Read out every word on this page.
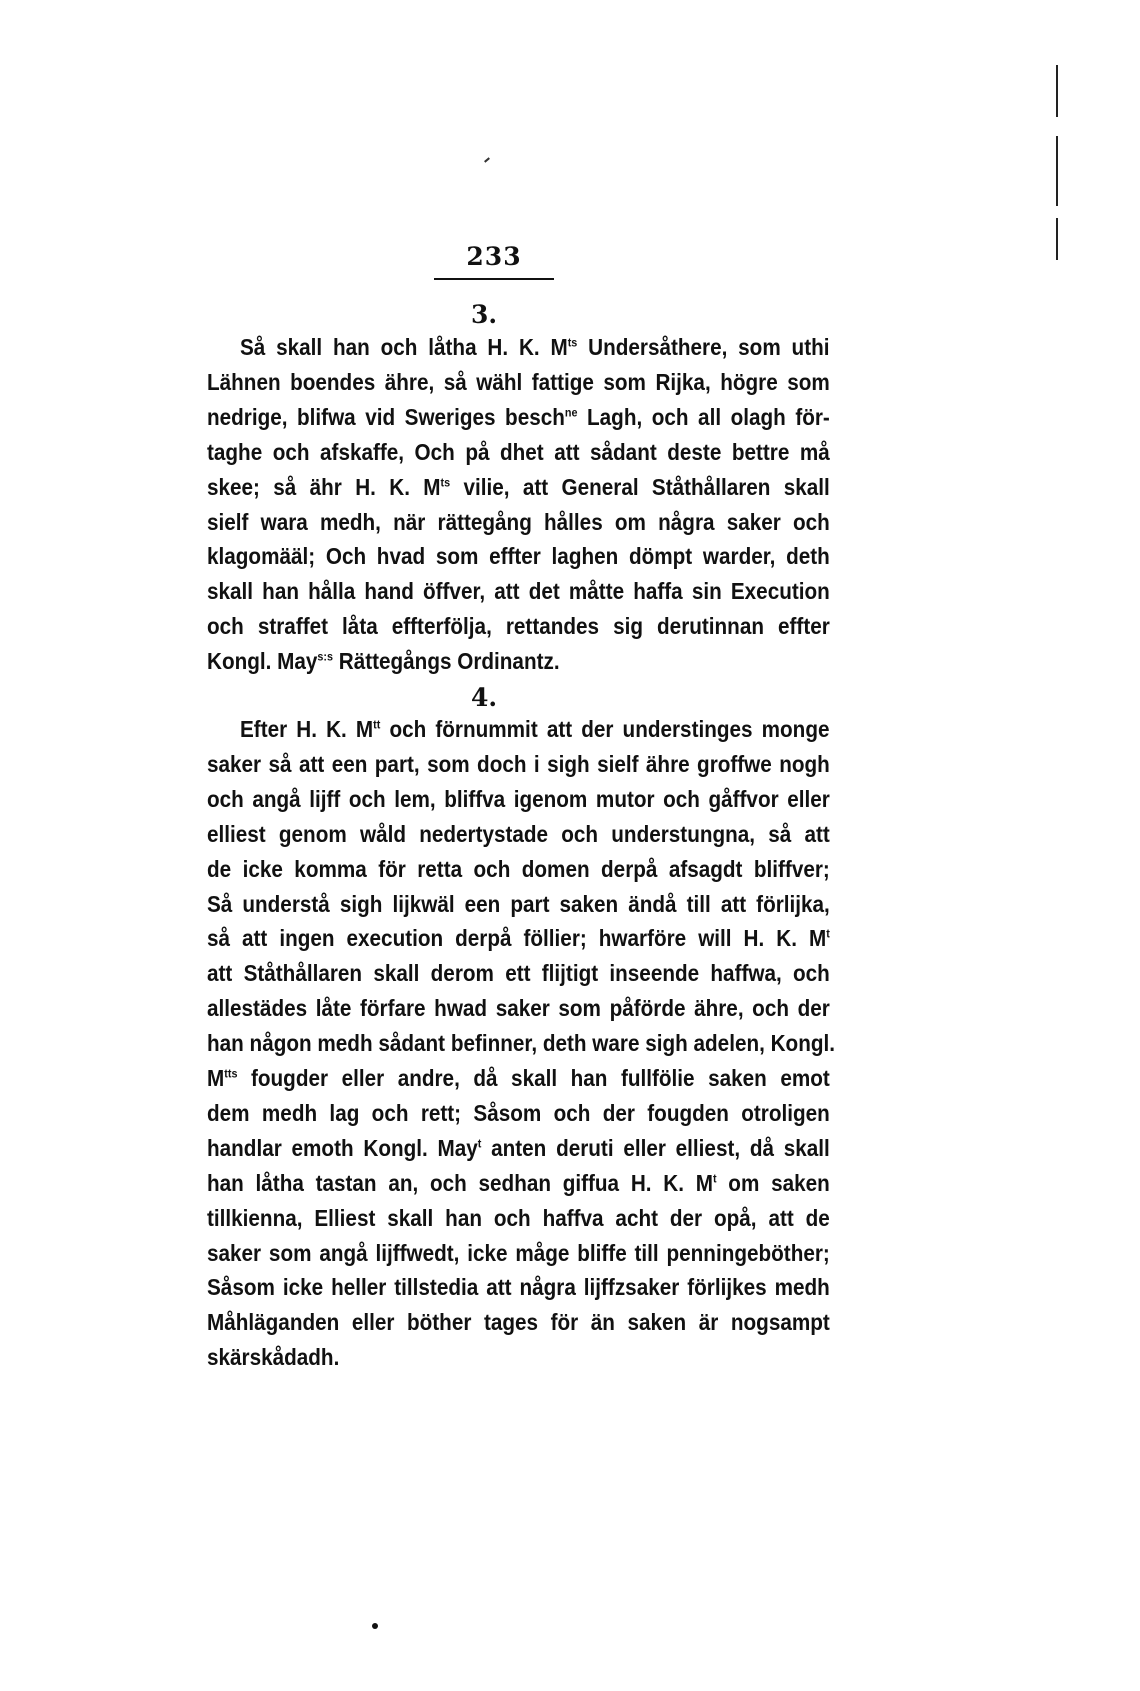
233
3.
Så skall han och låtha H. K. $M^{ts}$ Undersåthere, som uthi
Lähnen boendes ähre, så wähl fattige som Rijka, högre som
nedrige, blifwa vid Sweriges besch$^{ne}$ Lagh, och all olagh för-
taghe och afskaffe, Och på dhet att sådant deste bettre må
skee; så ähr H. K. $M^{ts}$ vilie, att General Ståthållaren skall
sielf wara medh, när rättegång hålles om några saker och
klagomääl; Och hvad som effter laghen dömpt warder, deth
skall han hålla hand öffver, att det måtte haffa sin Execution
och straffet låta effterfölja, rettandes sig derutinnan effter
Kongl. May$^{s:s}$ Rättegångs Ordinantz.
4.
Efter H. K. $M^{tt}$ och förnummit att der understinges monge
saker så att een part, som doch i sigh sielf ähre groffwe nogh
och angå lijff och lem, bliffva igenom mutor och gåffvor eller
elliest genom wåld nedertystade och understungna, så att
de icke komma för retta och domen derpå afsagdt bliffver;
Så understå sigh lijkwäl een part saken ändå till att förlijka,
så att ingen execution derpå föllier; hwarföre will H. K. $M^t$
att Ståthållaren skall derom ett flijtigt inseende haffwa, och
allestädes låte förfare hwad saker som påförde ähre, och der
han någon medh sådant befinner, deth ware sigh adelen, Kongl.
$M^{tts}$ fougder eller andre, då skall han fullfölie saken emot
dem medh lag och rett; Såsom och der fougden otroligen
handlar emoth Kongl. May$^t$ anten deruti eller elliest, då skall
han låtha tastan an, och sedhan giffua H. K. $M^t$ om saken
tillkienna, Elliest skall han och haffva acht der opå, att de
saker som angå lijffwedt, icke måge bliffe till penningeböther;
Såsom icke heller tillstedia att några lijffzsaker förlijkes medh
Måhläganden eller böther tages för än saken är nogsampt
skärskådadh.
